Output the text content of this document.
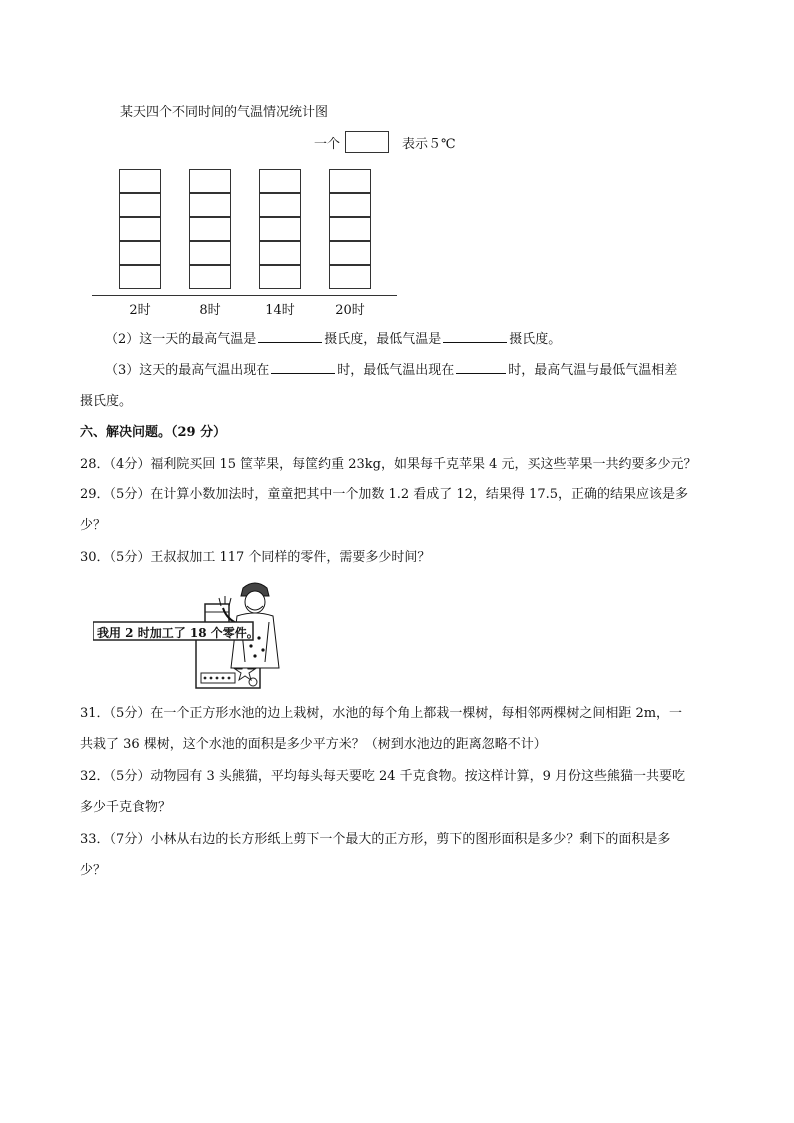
某天四个不同时间的气温情况统计图
一个	表示５℃
2时	8时	14时	20时
（2）这一天的最高气温是	摄氏度，最低气温是	摄氏度。
（3）这天的最高气温出现在	时，最低气温出现在	时，最高气温与最低气温相差
摄氏度。
六、解决问题。（29 分）
28．（4分）福利院买回 15 筐苹果，每筐约重 23kg，如果每千克苹果 4 元，买这些苹果一共约要多少元？
29．（5分）在计算小数加法时，童童把其中一个加数 1.2 看成了 12，结果得 17.5，正确的结果应该是多
少？
30．（5分）王叔叔加工 117 个同样的零件，需要多少时间？
我用 2 时加工了 18 个零件。
31．（5分）在一个正方形水池的边上栽树，水池的每个角上都栽一棵树，每相邻两棵树之间相距 2m，一
共栽了 36 棵树，这个水池的面积是多少平方米？（树到水池边的距离忽略不计）
32．（5分）动物园有 3 头熊猫，平均每头每天要吃 24 千克食物。按这样计算，9 月份这些熊猫一共要吃
多少千克食物？
33．（7分）小林从右边的长方形纸上剪下一个最大的正方形，剪下的图形面积是多少？剩下的面积是多
少？
